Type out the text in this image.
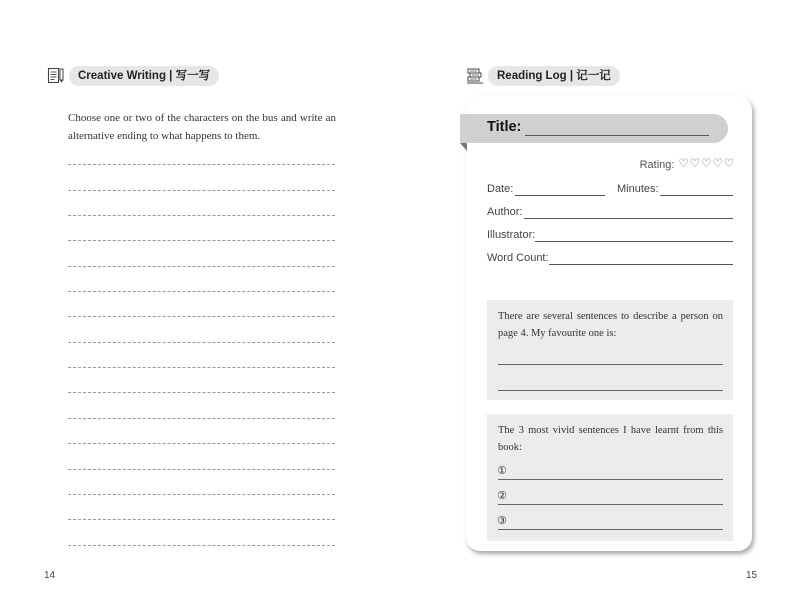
Creative Writing | 写一写

Choose one or two of the characters on the bus and write an alternative ending to what happens to them.

14
Reading Log | 记一记
Title:
Rating: ♡ ♡ ♡ ♡ ♡
Date:	Minutes:
Author:
Illustrator:
Word Count:

There are several sentences to describe a person on page 4. My favourite one is:

The 3 most vivid sentences I have learnt from this book:

①
②
③
15
